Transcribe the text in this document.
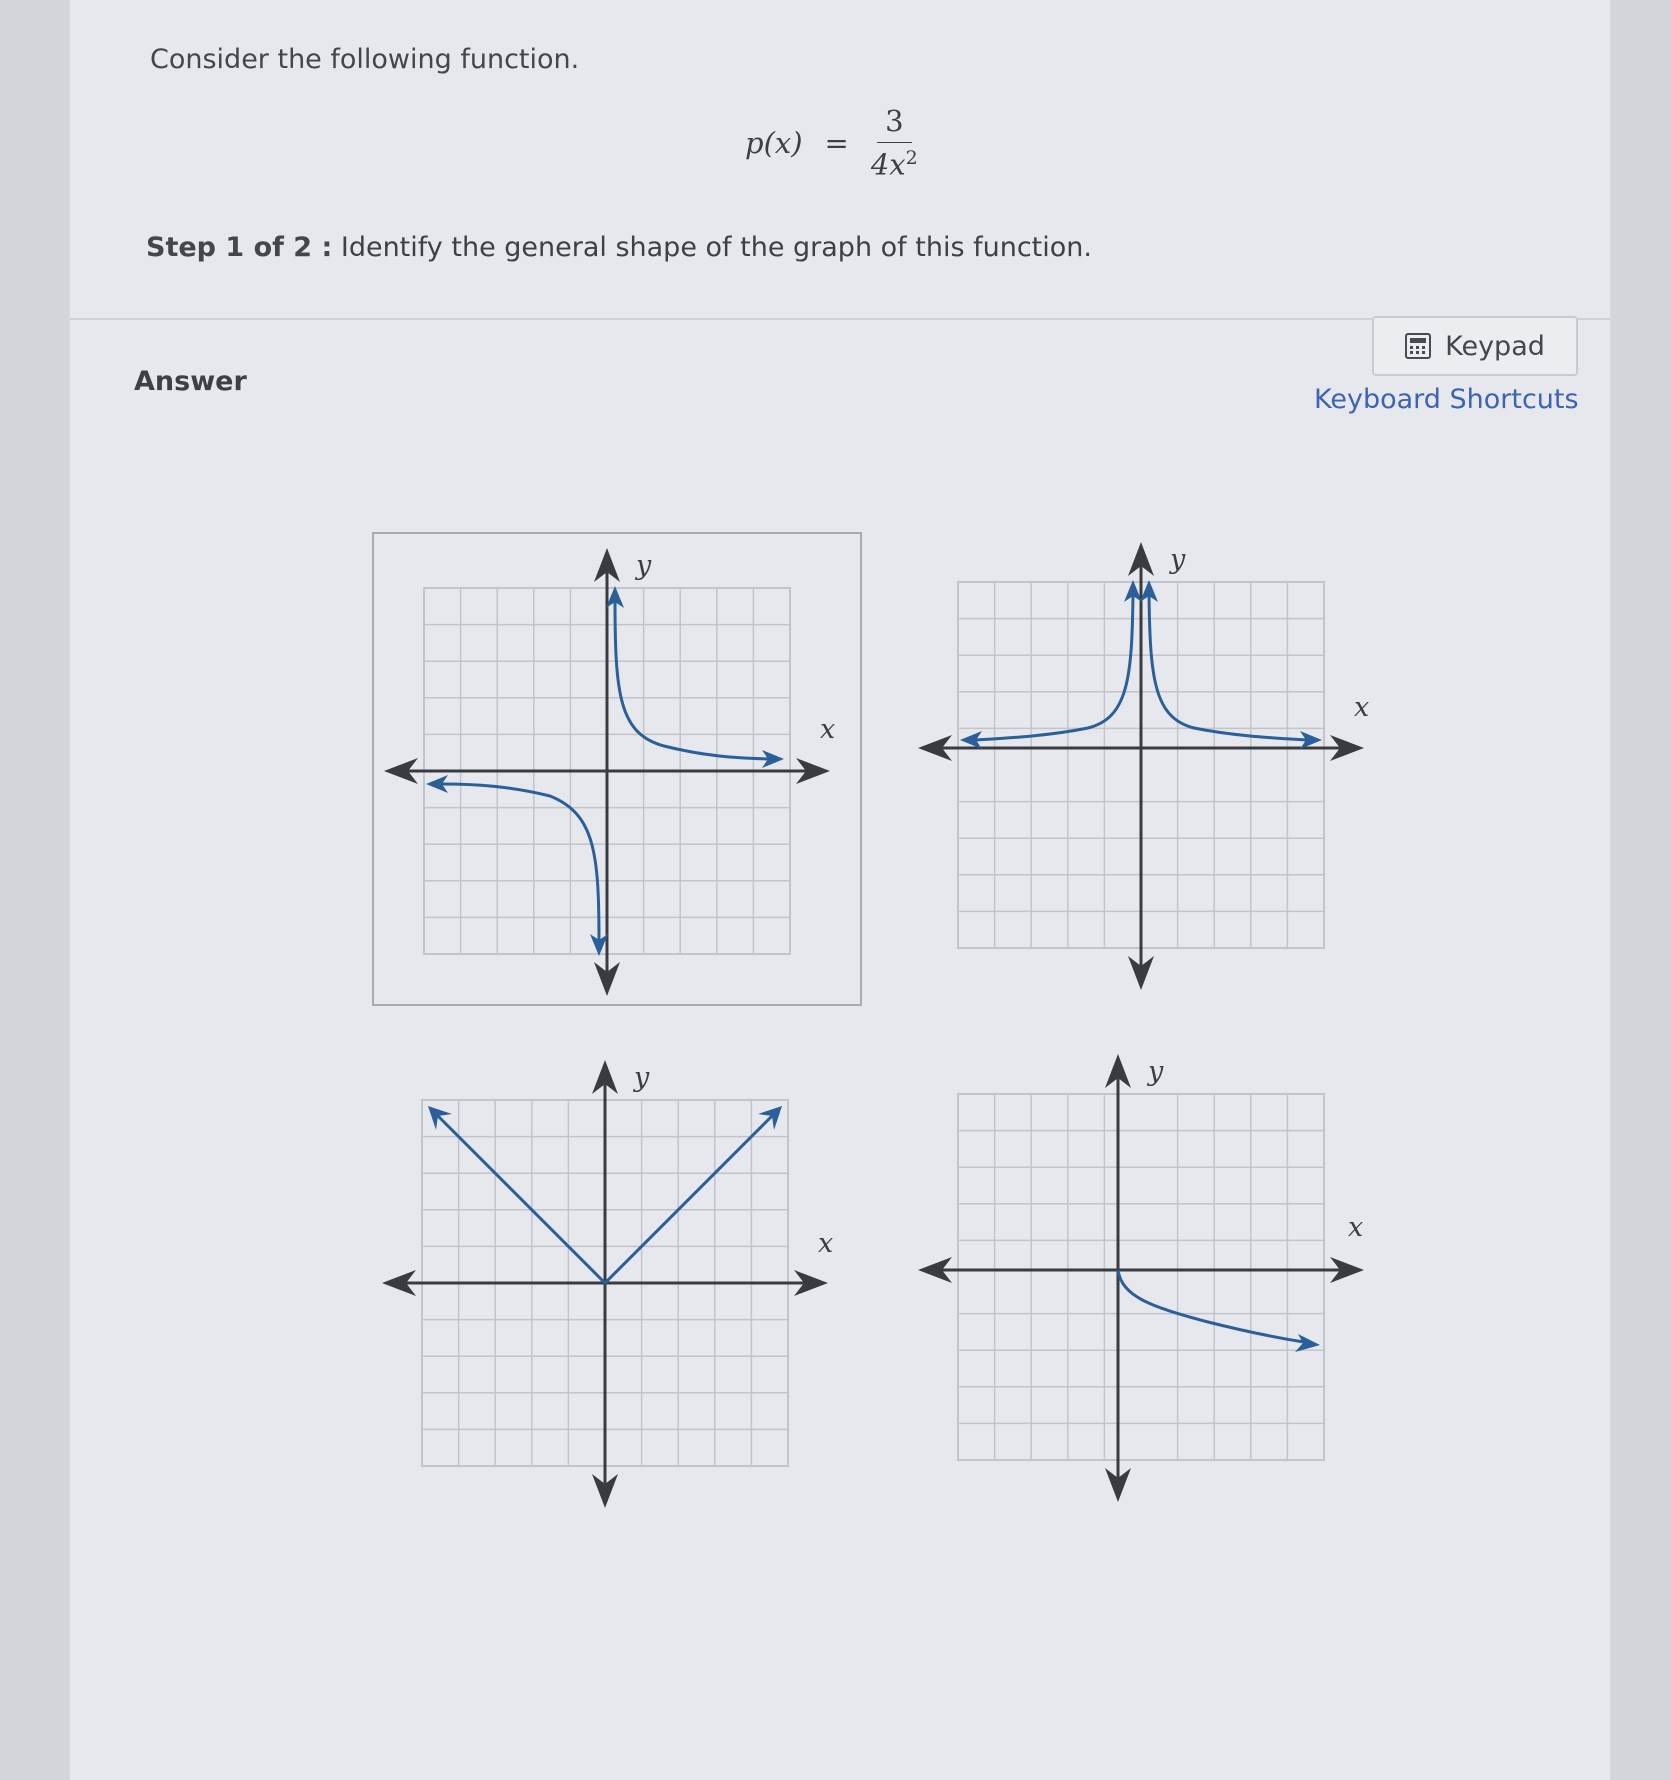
Consider the following function.
$p(x) = \frac{3}{4x^2}$
Step 1 of 2 : Identify the general shape of the graph of this function.
Answer
Keypad
Keyboard Shortcuts
y
x
y
x
y
x
y
x
